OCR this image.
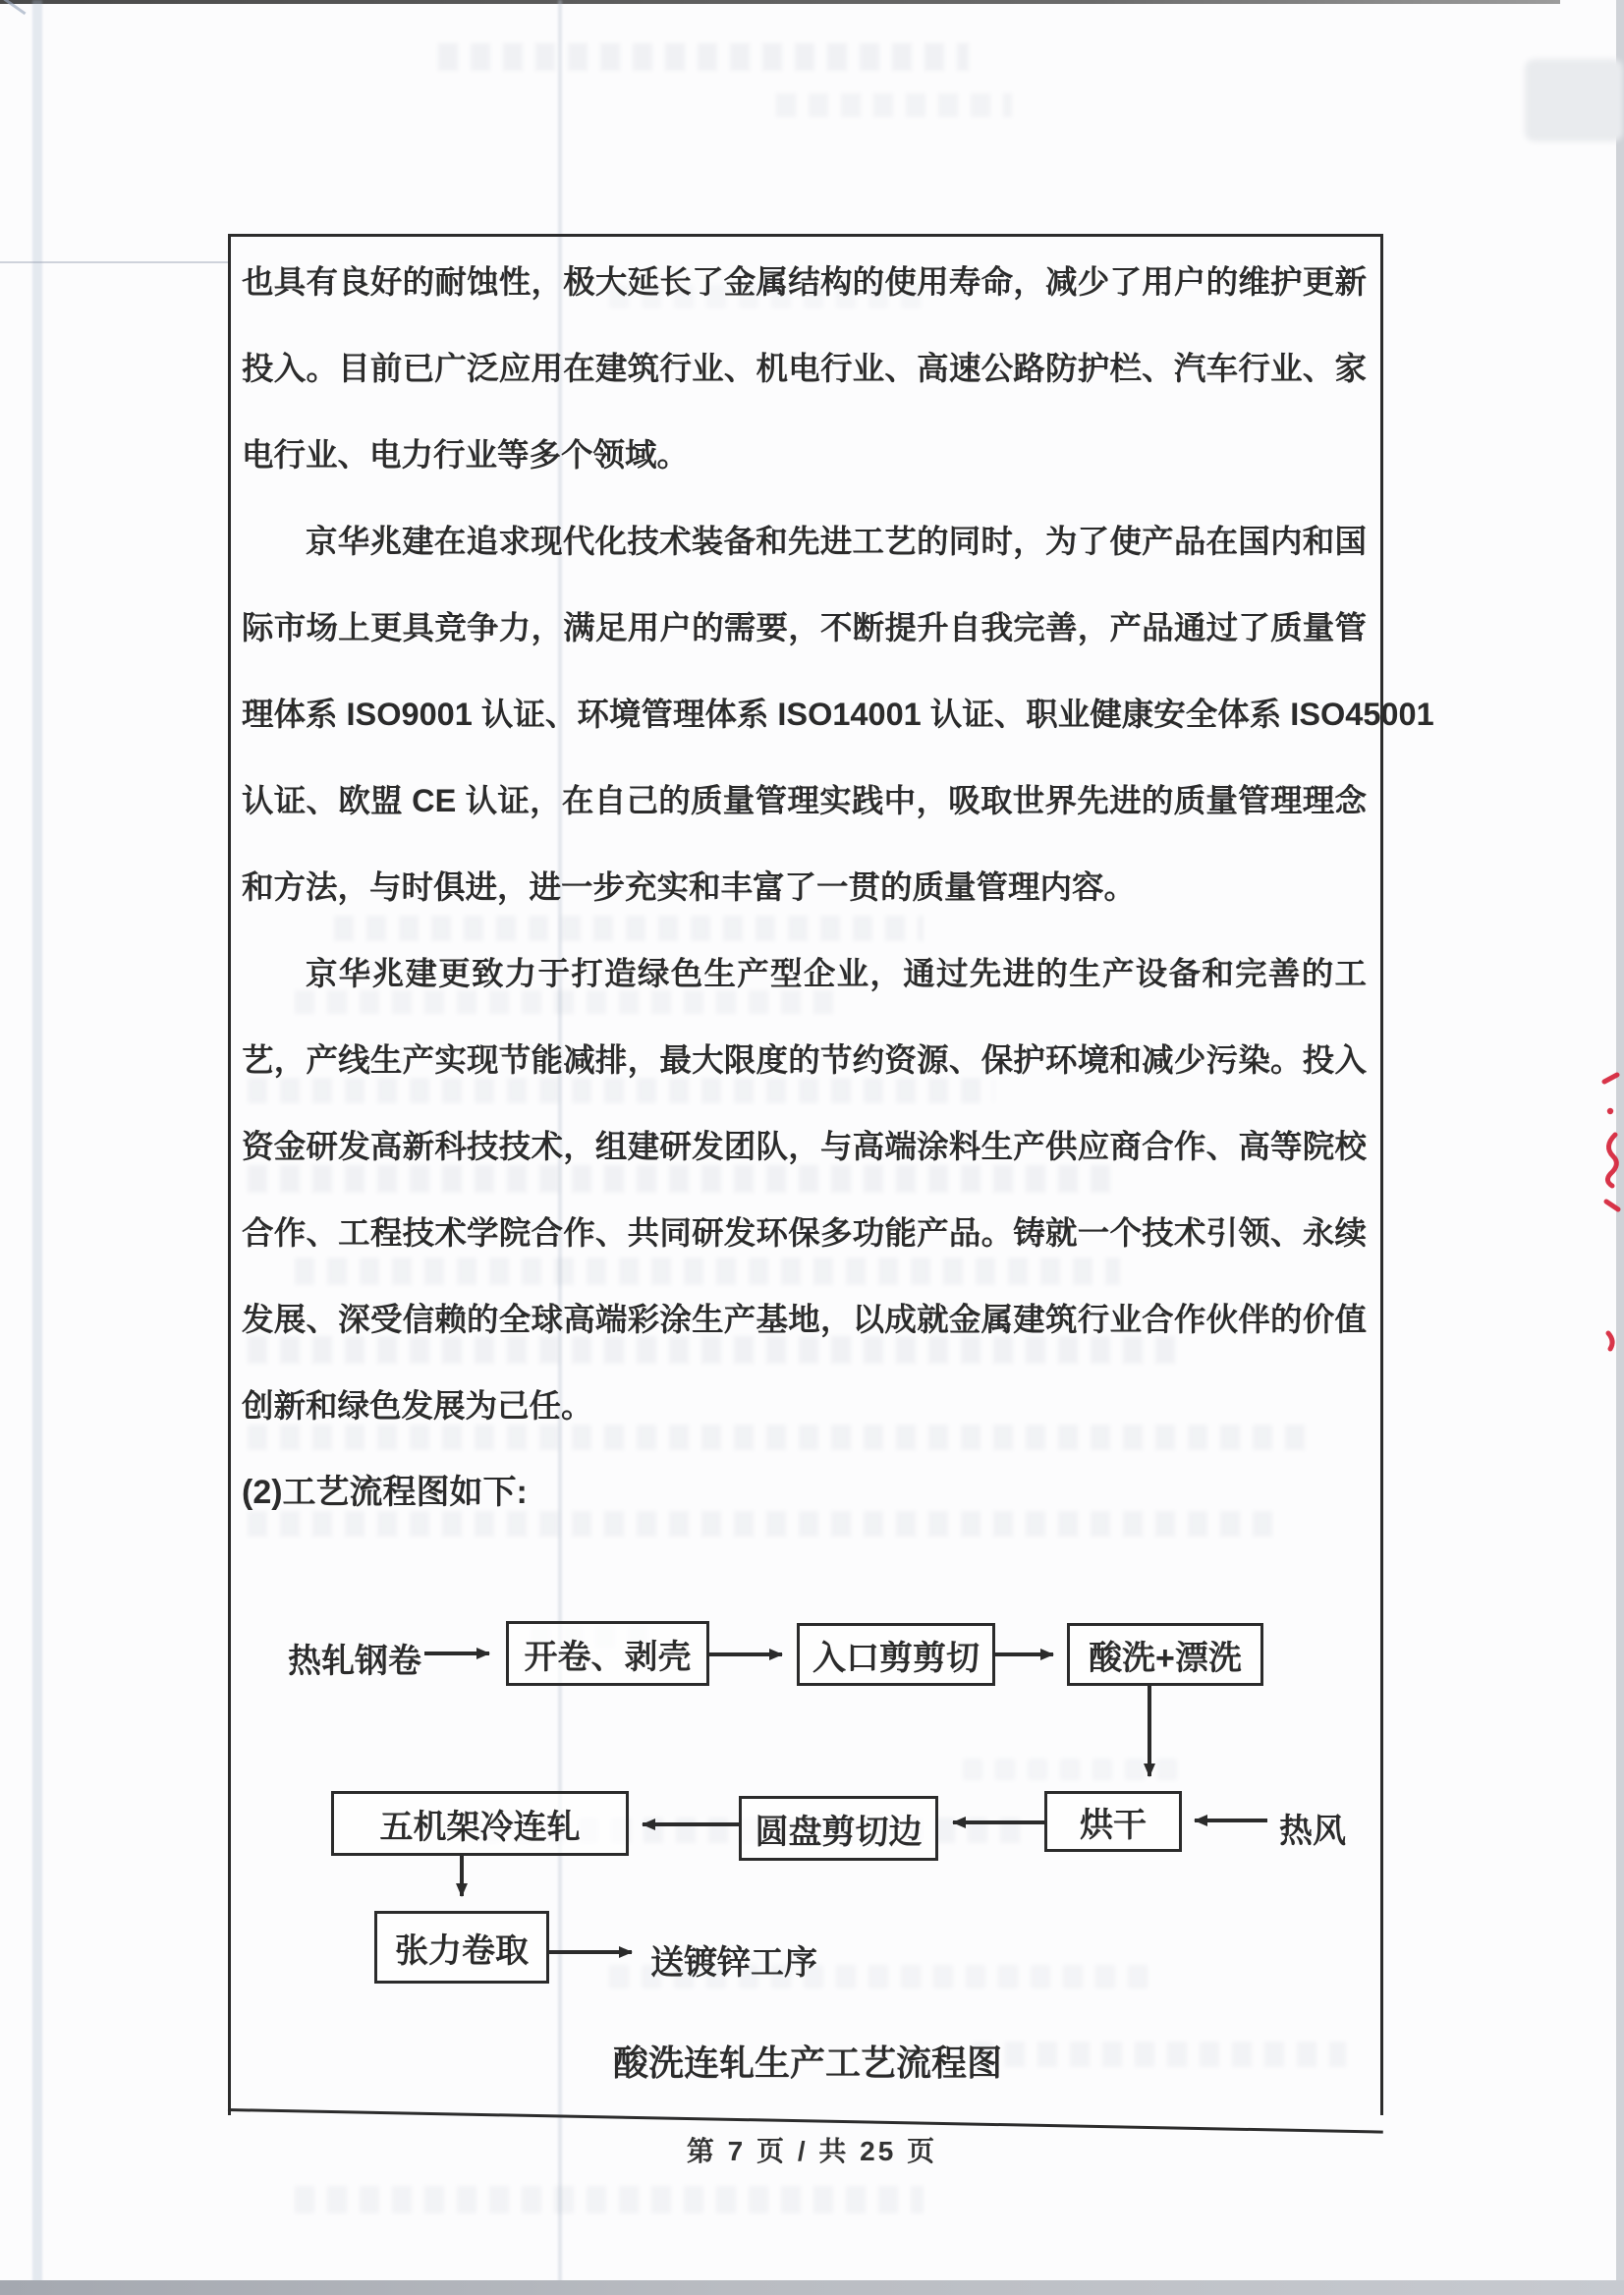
也具有良好的耐蚀性，极大延长了金属结构的使用寿命，减少了用户的维护更新
投入。目前已广泛应用在建筑行业、机电行业、高速公路防护栏、汽车行业、家
电行业、电力行业等多个领域。
京华兆建在追求现代化技术装备和先进工艺的同时，为了使产品在国内和国
际市场上更具竞争力，满足用户的需要，不断提升自我完善，产品通过了质量管
理体系 ISO9001 认证、环境管理体系 ISO14001 认证、职业健康安全体系 ISO45001
认证、欧盟 CE 认证，在自己的质量管理实践中，吸取世界先进的质量管理理念
和方法，与时俱进，进一步充实和丰富了一贯的质量管理内容。
京华兆建更致力于打造绿色生产型企业，通过先进的生产设备和完善的工
艺，产线生产实现节能减排，最大限度的节约资源、保护环境和减少污染。投入
资金研发高新科技技术，组建研发团队，与高端涂料生产供应商合作、高等院校
合作、工程技术学院合作、共同研发环保多功能产品。铸就一个技术引领、永续
发展、深受信赖的全球高端彩涂生产基地，以成就金属建筑行业合作伙伴的价值
创新和绿色发展为己任。
(2)工艺流程图如下:
热轧钢卷	开卷、剥壳	入口剪剪切	酸洗+漂洗
烘干
圆盘剪切边
五机架冷连轧
张力卷取
热风
送镀锌工序
酸洗连轧生产工艺流程图
第 7 页 / 共 25 页
